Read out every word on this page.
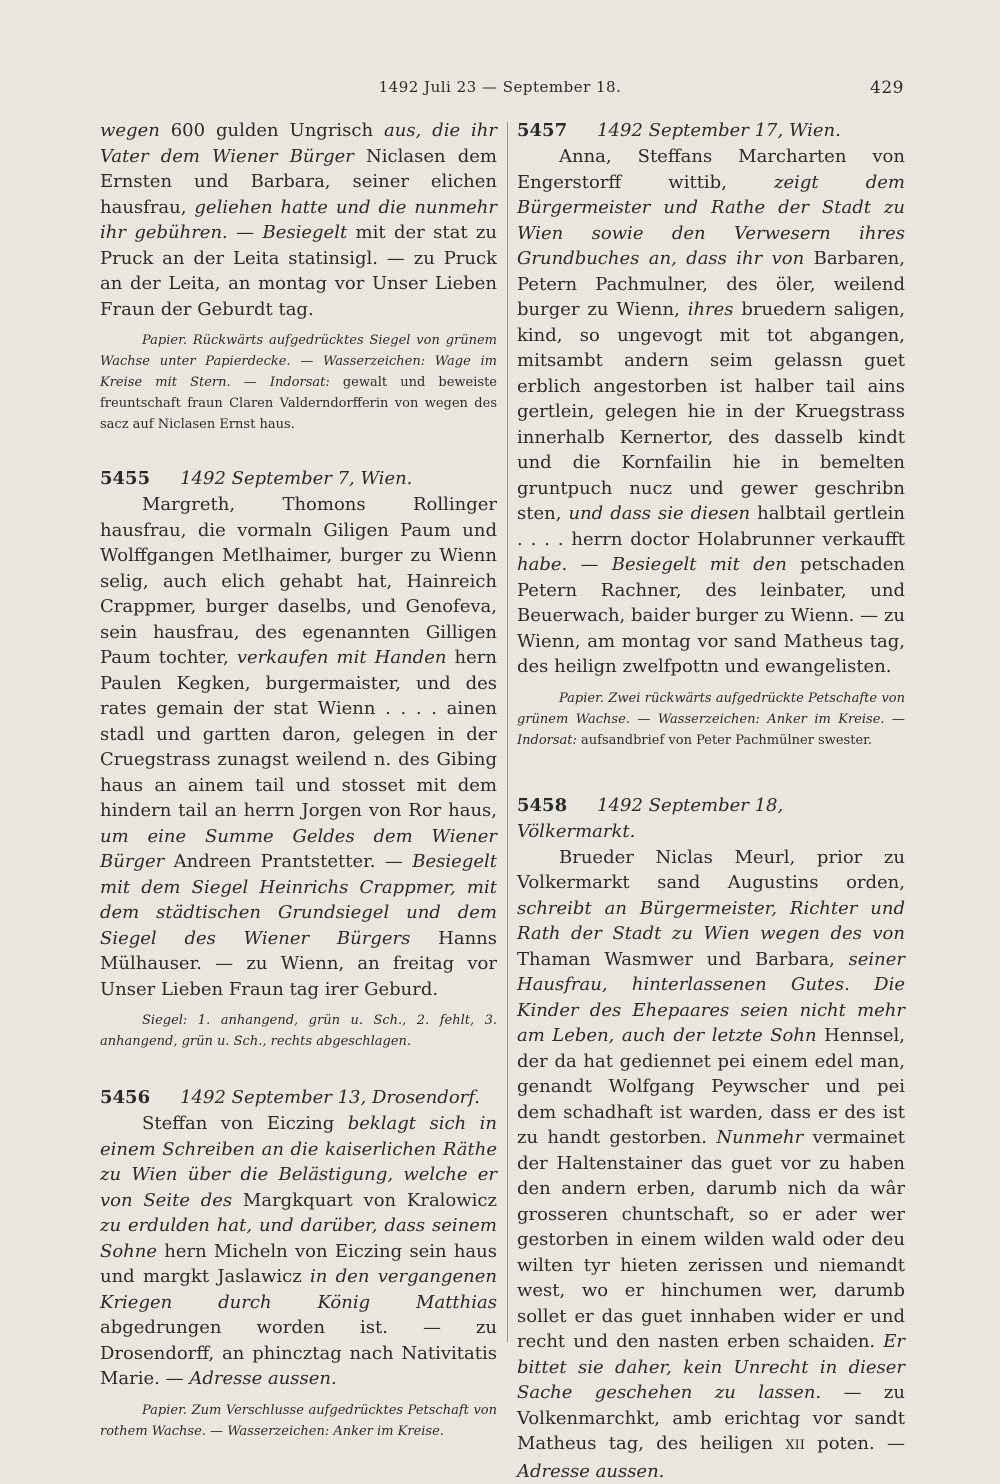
1492 Juli 23 — September 18.	429

wegen 600 gulden Ungrisch aus, die ihr Vater dem Wiener Bürger Niclasen dem Ernsten und Barbara, seiner elichen hausfrau, geliehen hatte und die nunmehr ihr gebühren. — Besiegelt mit der stat zu Pruck an der Leita statinsigl. — zu Pruck an der Leita, an montag vor Unser Lieben Fraun der Geburdt tag.

Papier. Rückwärts aufgedrücktes Siegel von grünem Wachse unter Papierdecke. — Wasserzeichen: Wage im Kreise mit Stern. — Indorsat: gewalt und beweiste freuntschaft fraun Claren Valderndorfferin von wegen des sacz auf Niclasen Ernst haus.

5455 1492 September 7, Wien.

Margreth, Thomons Rollinger hausfrau, die vormaln Giligen Paum und Wolffgangen Metlhaimer, burger zu Wienn selig, auch elich gehabt hat, Hainreich Crappmer, burger daselbs, und Genofeva, sein hausfrau, des egenannten Gilligen Paum tochter, verkaufen mit Handen hern Paulen Kegken, burgermaister, und des rates gemain der stat Wienn . . . . ainen stadl und gartten daron, gelegen in der Cruegstrass zunagst weilend n. des Gibing haus an ainem tail und stosset mit dem hindern tail an herrn Jorgen von Ror haus, um eine Summe Geldes dem Wiener Bürger Andreen Prantstetter. — Besiegelt mit dem Siegel Heinrichs Crappmer, mit dem städtischen Grundsiegel und dem Siegel des Wiener Bürgers Hanns Mülhauser. — zu Wienn, an freitag vor Unser Lieben Fraun tag irer Geburd.

Siegel: 1. anhangend, grün u. Sch., 2. fehlt, 3. anhangend, grün u. Sch., rechts abgeschlagen.

5456 1492 September 13, Drosendorf.

Steffan von Eiczing beklagt sich in einem Schreiben an die kaiserlichen Räthe zu Wien über die Belästigung, welche er von Seite des Margkquart von Kralowicz zu erdulden hat, und darüber, dass seinem Sohne hern Micheln von Eiczing sein haus und margkt Jaslawicz in den vergangenen Kriegen durch König Matthias abgedrungen worden ist. — zu Drosendorff, an phincztag nach Nativitatis Marie. — Adresse aussen.

Papier. Zum Verschlusse aufgedrücktes Petschaft von rothem Wachse. — Wasserzeichen: Anker im Kreise.

5457 1492 September 17, Wien.

Anna, Steffans Marcharten von Engerstorff wittib, zeigt dem Bürgermeister und Rathe der Stadt zu Wien sowie den Verwesern ihres Grundbuches an, dass ihr von Barbaren, Petern Pachmulner, des öler, weilend burger zu Wienn, ihres bruedern saligen, kind, so ungevogt mit tot abgangen, mitsambt andern seim gelassn guet erblich angestorben ist halber tail ains gertlein, gelegen hie in der Kruegstrass innerhalb Kernertor, des dasselb kindt und die Kornfailin hie in bemelten gruntpuch nucz und gewer geschribn sten, und dass sie diesen halbtail gertlein . . . . herrn doctor Holabrunner verkaufft habe. — Besiegelt mit den petschaden Petern Rachner, des leinbater, und Beuerwach, baider burger zu Wienn. — zu Wienn, am montag vor sand Matheus tag, des heilign zwelfpottn und ewangelisten.

Papier. Zwei rückwärts aufgedrückte Petschafte von grünem Wachse. — Wasserzeichen: Anker im Kreise. — Indorsat: aufsandbrief von Peter Pachmülner swester.

5458 1492 September 18, Völkermarkt.

Brueder Niclas Meurl, prior zu Volkermarkt sand Augustins orden, schreibt an Bürgermeister, Richter und Rath der Stadt zu Wien wegen des von Thaman Wasmwer und Barbara, seiner Hausfrau, hinterlassenen Gutes. Die Kinder des Ehepaares seien nicht mehr am Leben, auch der letzte Sohn Hennsel, der da hat gediennet pei einem edel man, genandt Wolfgang Peywscher und pei dem schadhaft ist warden, dass er des ist zu handt gestorben. Nunmehr vermainet der Haltenstainer das guet vor zu haben den andern erben, darumb nich da wâr grosseren chuntschaft, so er ader wer gestorben in einem wilden wald oder deu wilten tyr hieten zerissen und niemandt west, wo er hinchumen wer, darumb sollet er das guet innhaben wider er und recht und den nasten erben schaiden. Er bittet sie daher, kein Unrecht in dieser Sache geschehen zu lassen. — zu Volkenmarchkt, amb erichtag vor sandt Matheus tag, des heiligen XII poten. — Adresse aussen.
